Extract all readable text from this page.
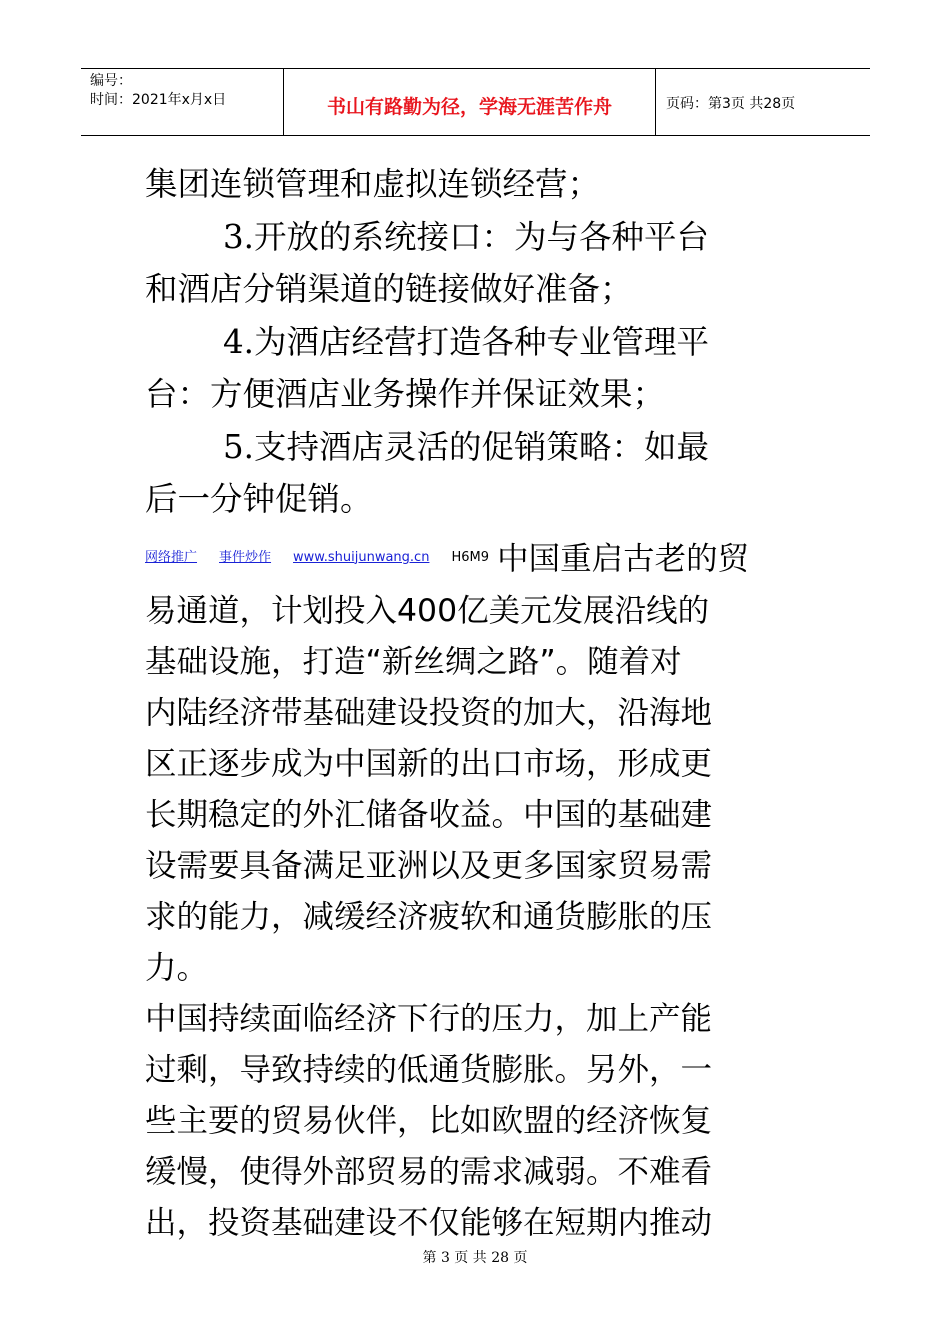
编号：
时间：2021年x月x日	书山有路勤为径，学海无涯苦作舟	页码：第3页 共28页

集团连锁管理和虚拟连锁经营；

3.开放的系统接口：为与各种平台

和酒店分销渠道的链接做好准备；

4.为酒店经营打造各种专业管理平

台：方便酒店业务操作并保证效果；

5.支持酒店灵活的促销策略：如最

后一分钟促销。

网络推广 事件炒作 www.shuijunwang.cn H6M9 中国重启古老的贸
易通道，计划投入400亿美元发展沿线的
基础设施，打造“新丝绸之路”。随着对
内陆经济带基础建设投资的加大，沿海地
区正逐步成为中国新的出口市场，形成更
长期稳定的外汇储备收益。中国的基础建
设需要具备满足亚洲以及更多国家贸易需
求的能力，减缓经济疲软和通货膨胀的压
力。
中国持续面临经济下行的压力，加上产能
过剩，导致持续的低通货膨胀。另外，一
些主要的贸易伙伴，比如欧盟的经济恢复
缓慢，使得外部贸易的需求减弱。不难看
出，投资基础建设不仅能够在短期内推动
第 3 页 共 28 页
